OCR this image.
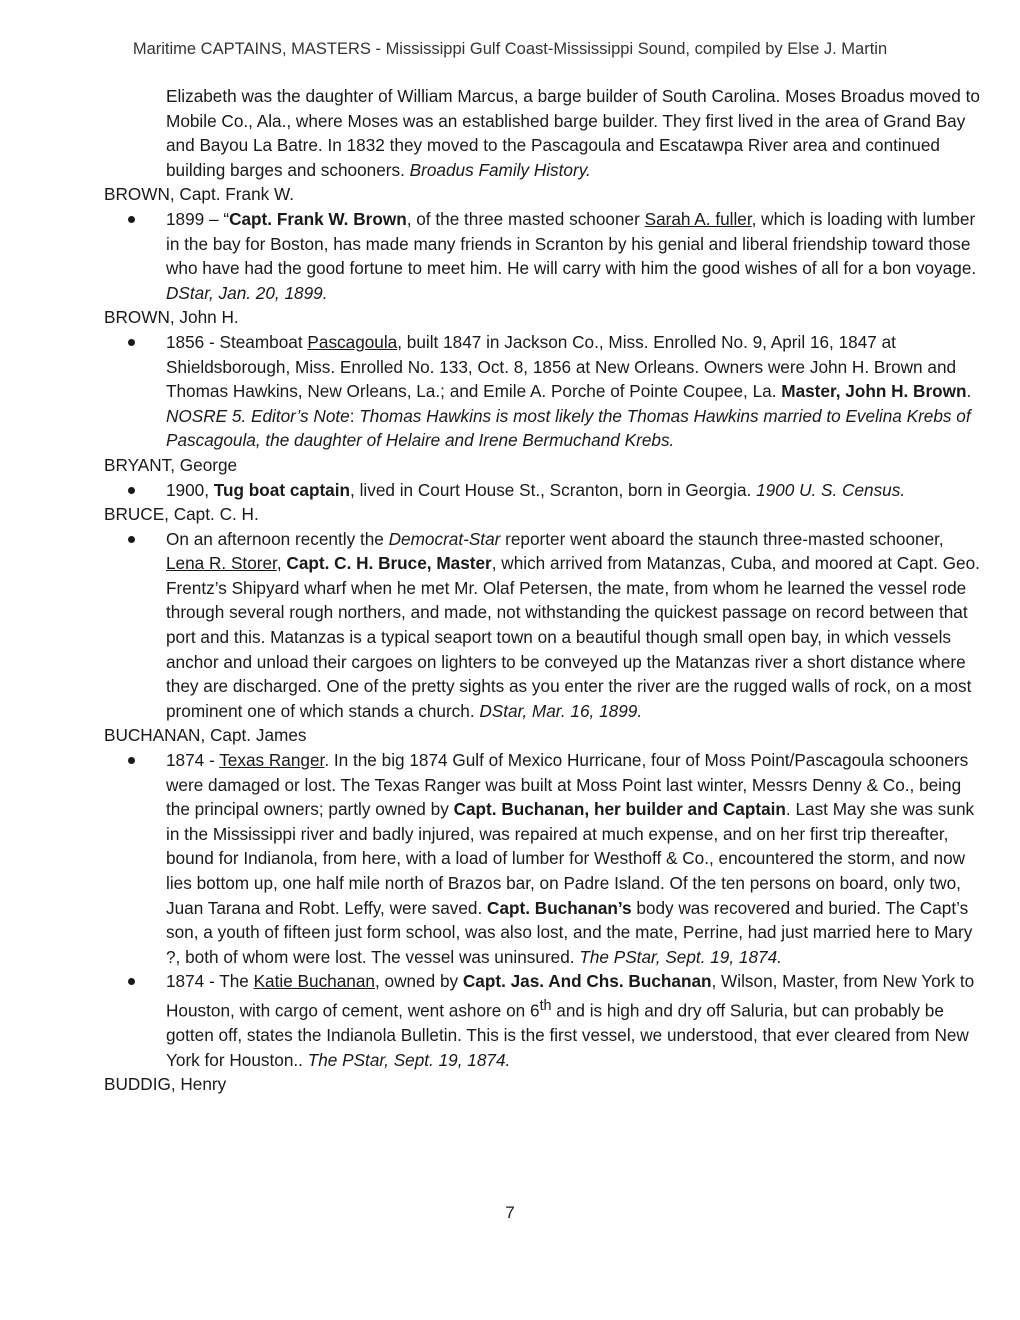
Maritime CAPTAINS, MASTERS - Mississippi Gulf Coast-Mississippi Sound, compiled by Else J. Martin

Elizabeth was the daughter of William Marcus, a barge builder of South Carolina. Moses Broadus moved to Mobile Co., Ala., where Moses was an established barge builder. They first lived in the area of Grand Bay and Bayou La Batre. In 1832 they moved to the Pascagoula and Escatawpa River area and continued building barges and schooners. Broadus Family History.

BROWN, Capt. Frank W.

1899 – “Capt. Frank W. Brown, of the three masted schooner Sarah A. fuller, which is loading with lumber in the bay for Boston, has made many friends in Scranton by his genial and liberal friendship toward those who have had the good fortune to meet him. He will carry with him the good wishes of all for a bon voyage. DStar, Jan. 20, 1899.

BROWN, John H.

1856 - Steamboat Pascagoula, built 1847 in Jackson Co., Miss. Enrolled No. 9, April 16, 1847 at Shieldsborough, Miss. Enrolled No. 133, Oct. 8, 1856 at New Orleans. Owners were John H. Brown and Thomas Hawkins, New Orleans, La.; and Emile A. Porche of Pointe Coupee, La. Master, John H. Brown. NOSRE 5. Editor’s Note: Thomas Hawkins is most likely the Thomas Hawkins married to Evelina Krebs of Pascagoula, the daughter of Helaire and Irene Bermuchand Krebs.

BRYANT, George

1900, Tug boat captain, lived in Court House St., Scranton, born in Georgia. 1900 U. S. Census.

BRUCE, Capt. C. H.

On an afternoon recently the Democrat-Star reporter went aboard the staunch three-masted schooner, Lena R. Storer, Capt. C. H. Bruce, Master, which arrived from Matanzas, Cuba, and moored at Capt. Geo. Frentz’s Shipyard wharf when he met Mr. Olaf Petersen, the mate, from whom he learned the vessel rode through several rough northers, and made, not withstanding the quickest passage on record between that port and this. Matanzas is a typical seaport town on a beautiful though small open bay, in which vessels anchor and unload their cargoes on lighters to be conveyed up the Matanzas river a short distance where they are discharged. One of the pretty sights as you enter the river are the rugged walls of rock, on a most prominent one of which stands a church. DStar, Mar. 16, 1899.

BUCHANAN, Capt. James

1874 - Texas Ranger. In the big 1874 Gulf of Mexico Hurricane, four of Moss Point/Pascagoula schooners were damaged or lost. The Texas Ranger was built at Moss Point last winter, Messrs Denny & Co., being the principal owners; partly owned by Capt. Buchanan, her builder and Captain. Last May she was sunk in the Mississippi river and badly injured, was repaired at much expense, and on her first trip thereafter, bound for Indianola, from here, with a load of lumber for Westhoff & Co., encountered the storm, and now lies bottom up, one half mile north of Brazos bar, on Padre Island. Of the ten persons on board, only two, Juan Tarana and Robt. Leffy, were saved. Capt. Buchanan’s body was recovered and buried. The Capt’s son, a youth of fifteen just form school, was also lost, and the mate, Perrine, had just married here to Mary ?, both of whom were lost. The vessel was uninsured. The PStar, Sept. 19, 1874.
1874 - The Katie Buchanan, owned by Capt. Jas. And Chs. Buchanan, Wilson, Master, from New York to Houston, with cargo of cement, went ashore on 6th and is high and dry off Saluria, but can probably be gotten off, states the Indianola Bulletin. This is the first vessel, we understood, that ever cleared from New York for Houston.. The PStar, Sept. 19, 1874.

BUDDIG, Henry

7
